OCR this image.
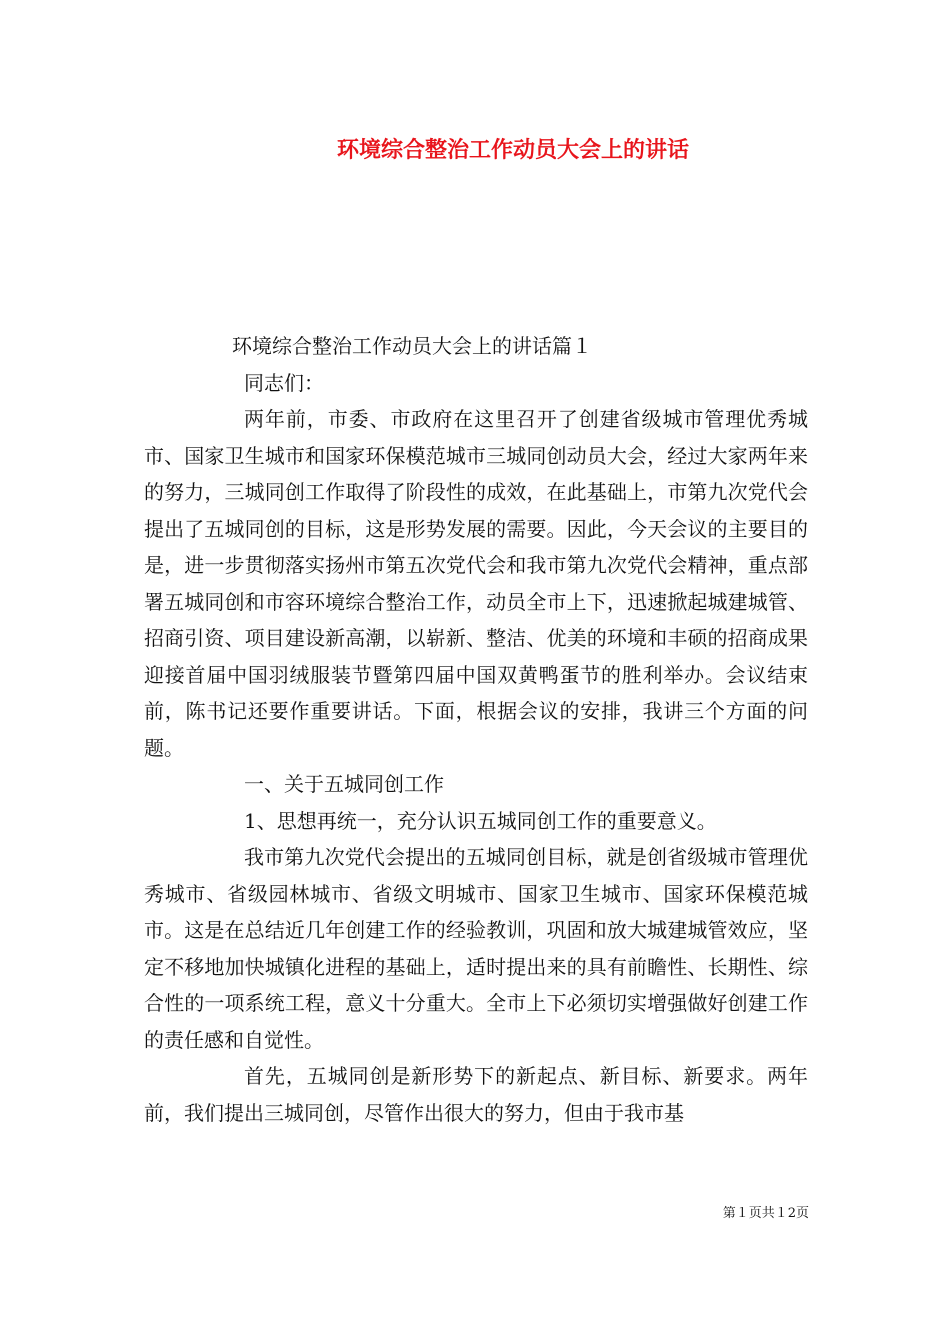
环境综合整治工作动员大会上的讲话

环境综合整治工作动员大会上的讲话篇１

同志们：

两年前，市委、市政府在这里召开了创建省级城市管理优秀城市、国家卫生城市和国家环保模范城市三城同创动员大会，经过大家两年来的努力，三城同创工作取得了阶段性的成效，在此基础上，市第九次党代会提出了五城同创的目标，这是形势发展的需要。因此，今天会议的主要目的是，进一步贯彻落实扬州市第五次党代会和我市第九次党代会精神，重点部署五城同创和市容环境综合整治工作，动员全市上下，迅速掀起城建城管、招商引资、项目建设新高潮，以崭新、整洁、优美的环境和丰硕的招商成果迎接首届中国羽绒服装节暨第四届中国双黄鸭蛋节的胜利举办。会议结束前，陈书记还要作重要讲话。下面，根据会议的安排，我讲三个方面的问题。

一、关于五城同创工作

1、思想再统一，充分认识五城同创工作的重要意义。

我市第九次党代会提出的五城同创目标，就是创省级城市管理优秀城市、省级园林城市、省级文明城市、国家卫生城市、国家环保模范城市。这是在总结近几年创建工作的经验教训，巩固和放大城建城管效应，坚定不移地加快城镇化进程的基础上，适时提出来的具有前瞻性、长期性、综合性的一项系统工程，意义十分重大。全市上下必须切实增强做好创建工作的责任感和自觉性。

首先，五城同创是新形势下的新起点、新目标、新要求。两年前，我们提出三城同创，尽管作出很大的努力，但由于我市基

第１页共１2页
